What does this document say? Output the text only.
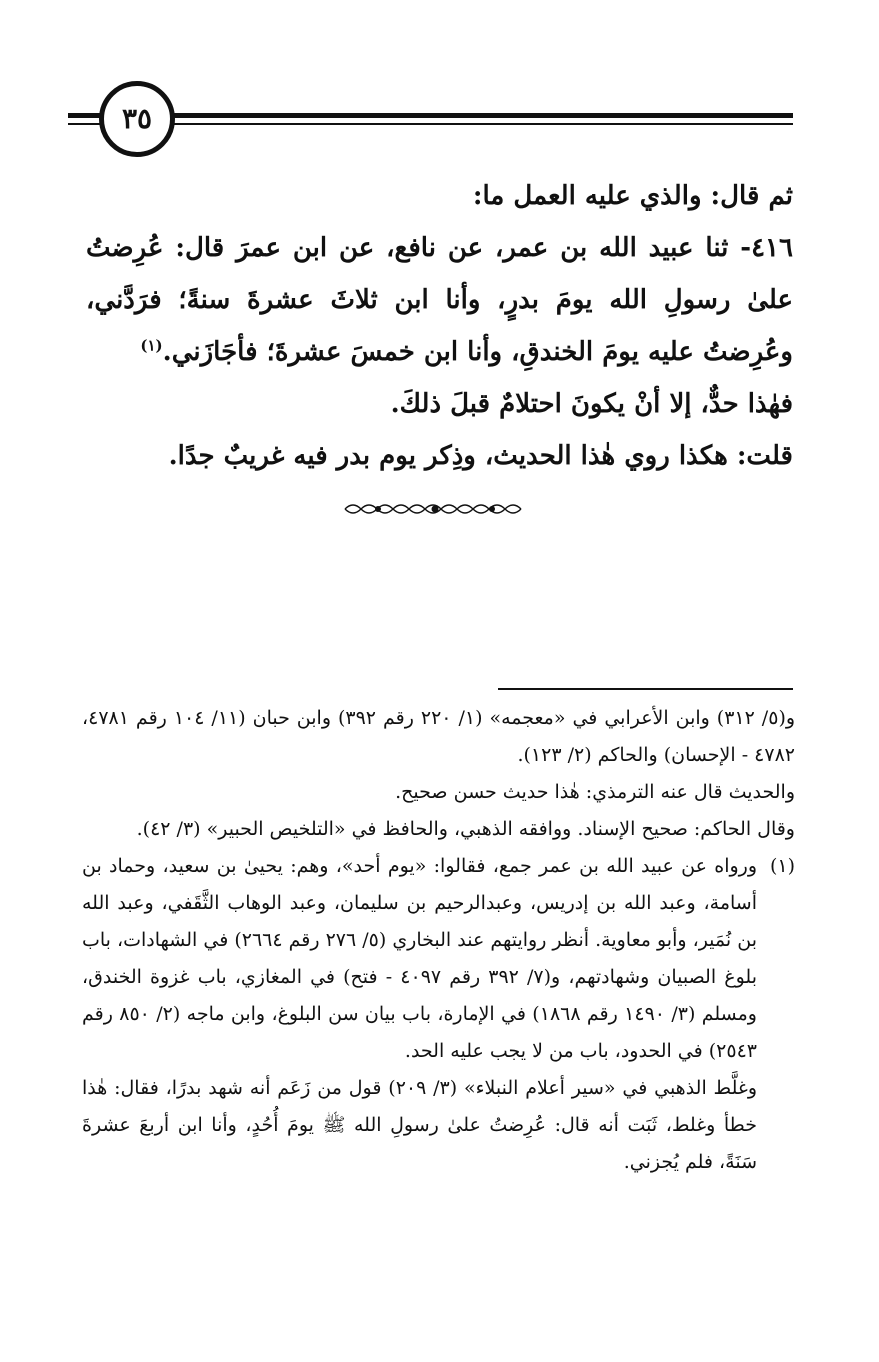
٣٥

ثم قال: والذي عليه العمل ما:

٤١٦- ثنا عبيد الله بن عمر، عن نافع، عن ابن عمرَ قال: عُرِضتُ علىٰ رسولِ الله يومَ بدرٍ، وأنا ابن ثلاثَ عشرةَ سنةً؛ فرَدَّني، وعُرِضتُ عليه يومَ الخندقِ، وأنا ابن خمسَ عشرةَ؛ فأجَازَني.$^{(١)}$

فهٰذا حدٌّ، إلا أنْ يكونَ احتلامٌ قبلَ ذلكَ.

قلت: هكذا روي هٰذا الحديث، وذِكر يوم بدر فيه غريبٌ جدًا.

و(٥/ ٣١٢) وابن الأعرابي في «معجمه» (١/ ٢٢٠ رقم ٣٩٢) وابن حبان (١١/ ١٠٤ رقم ٤٧٨١، ٤٧٨٢ - الإحسان) والحاكم (٢/ ١٢٣).

والحديث قال عنه الترمذي: هٰذا حديث حسن صحيح.

وقال الحاكم: صحيح الإسناد. ووافقه الذهبي، والحافظ في «التلخيص الحبير» (٣/ ٤٢).

(١)

ورواه عن عبيد الله بن عمر جمع، فقالوا: «يوم أحد»، وهم: يحيىٰ بن سعيد، وحماد بن أسامة، وعبد الله بن إدريس، وعبدالرحيم بن سليمان، وعبد الوهاب الثَّقَفي، وعبد الله بن نُمَير، وأبو معاوية. أنظر روايتهم عند البخاري (٥/ ٢٧٦ رقم ٢٦٦٤) في الشهادات، باب بلوغ الصبيان وشهادتهم، و(٧/ ٣٩٢ رقم ٤٠٩٧ - فتح) في المغازي، باب غزوة الخندق، ومسلم (٣/ ١٤٩٠ رقم ١٨٦٨) في الإمارة، باب بيان سن البلوغ، وابن ماجه (٢/ ٨٥٠ رقم ٢٥٤٣) في الحدود، باب من لا يجب عليه الحد.

وغلَّط الذهبي في «سير أعلام النبلاء» (٣/ ٢٠٩) قول من زَعَم أنه شهد بدرًا، فقال: هٰذا خطأ وغلط، ثَبَت أنه قال: عُرِضتُ علىٰ رسولِ الله ﷺ يومَ أُحُدٍ، وأنا ابن أربعَ عشرةَ سَنَةً، فلم يُجزني.
